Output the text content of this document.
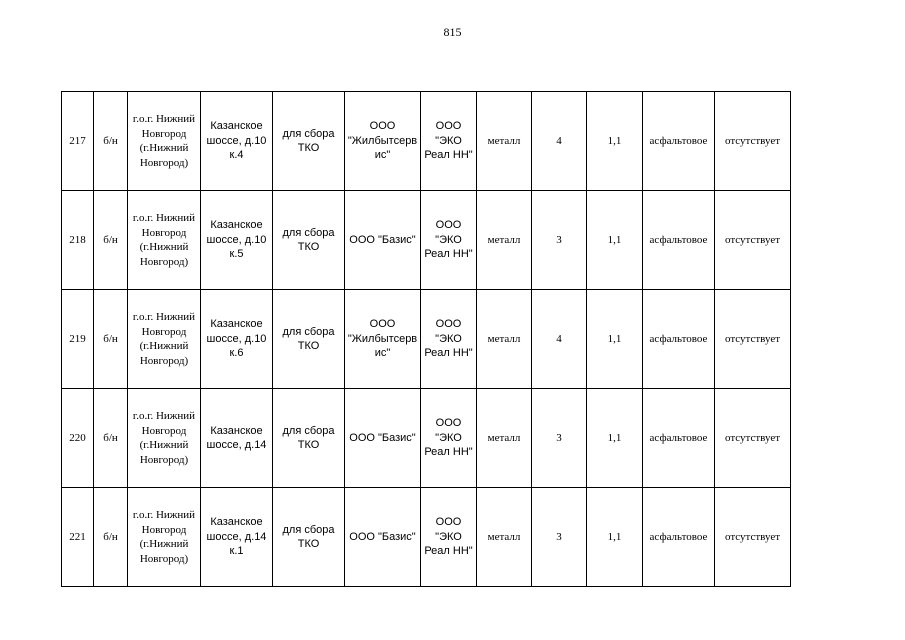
815
217	б/н	г.о.г. Нижний
Новгород
(г.Нижний
Новгород)	Казанское
шоссе, д.10
к.4	для сбора
ТКО	ООО
"Жилбытсерв
ис"	ООО
"ЭКО
Реал НН"	металл	4	1,1	асфальтовое	отсутствует
218	б/н	г.о.г. Нижний
Новгород
(г.Нижний
Новгород)	Казанское
шоссе, д.10
к.5	для сбора
ТКО	ООО "Базис"	ООО
"ЭКО
Реал НН"	металл	3	1,1	асфальтовое	отсутствует
219	б/н	г.о.г. Нижний
Новгород
(г.Нижний
Новгород)	Казанское
шоссе, д.10
к.6	для сбора
ТКО	ООО
"Жилбытсерв
ис"	ООО
"ЭКО
Реал НН"	металл	4	1,1	асфальтовое	отсутствует
220	б/н	г.о.г. Нижний
Новгород
(г.Нижний
Новгород)	Казанское
шоссе, д.14	для сбора
ТКО	ООО "Базис"	ООО
"ЭКО
Реал НН"	металл	3	1,1	асфальтовое	отсутствует
221	б/н	г.о.г. Нижний
Новгород
(г.Нижний
Новгород)	Казанское
шоссе, д.14
к.1	для сбора
ТКО	ООО "Базис"	ООО
"ЭКО
Реал НН"	металл	3	1,1	асфальтовое	отсутствует
